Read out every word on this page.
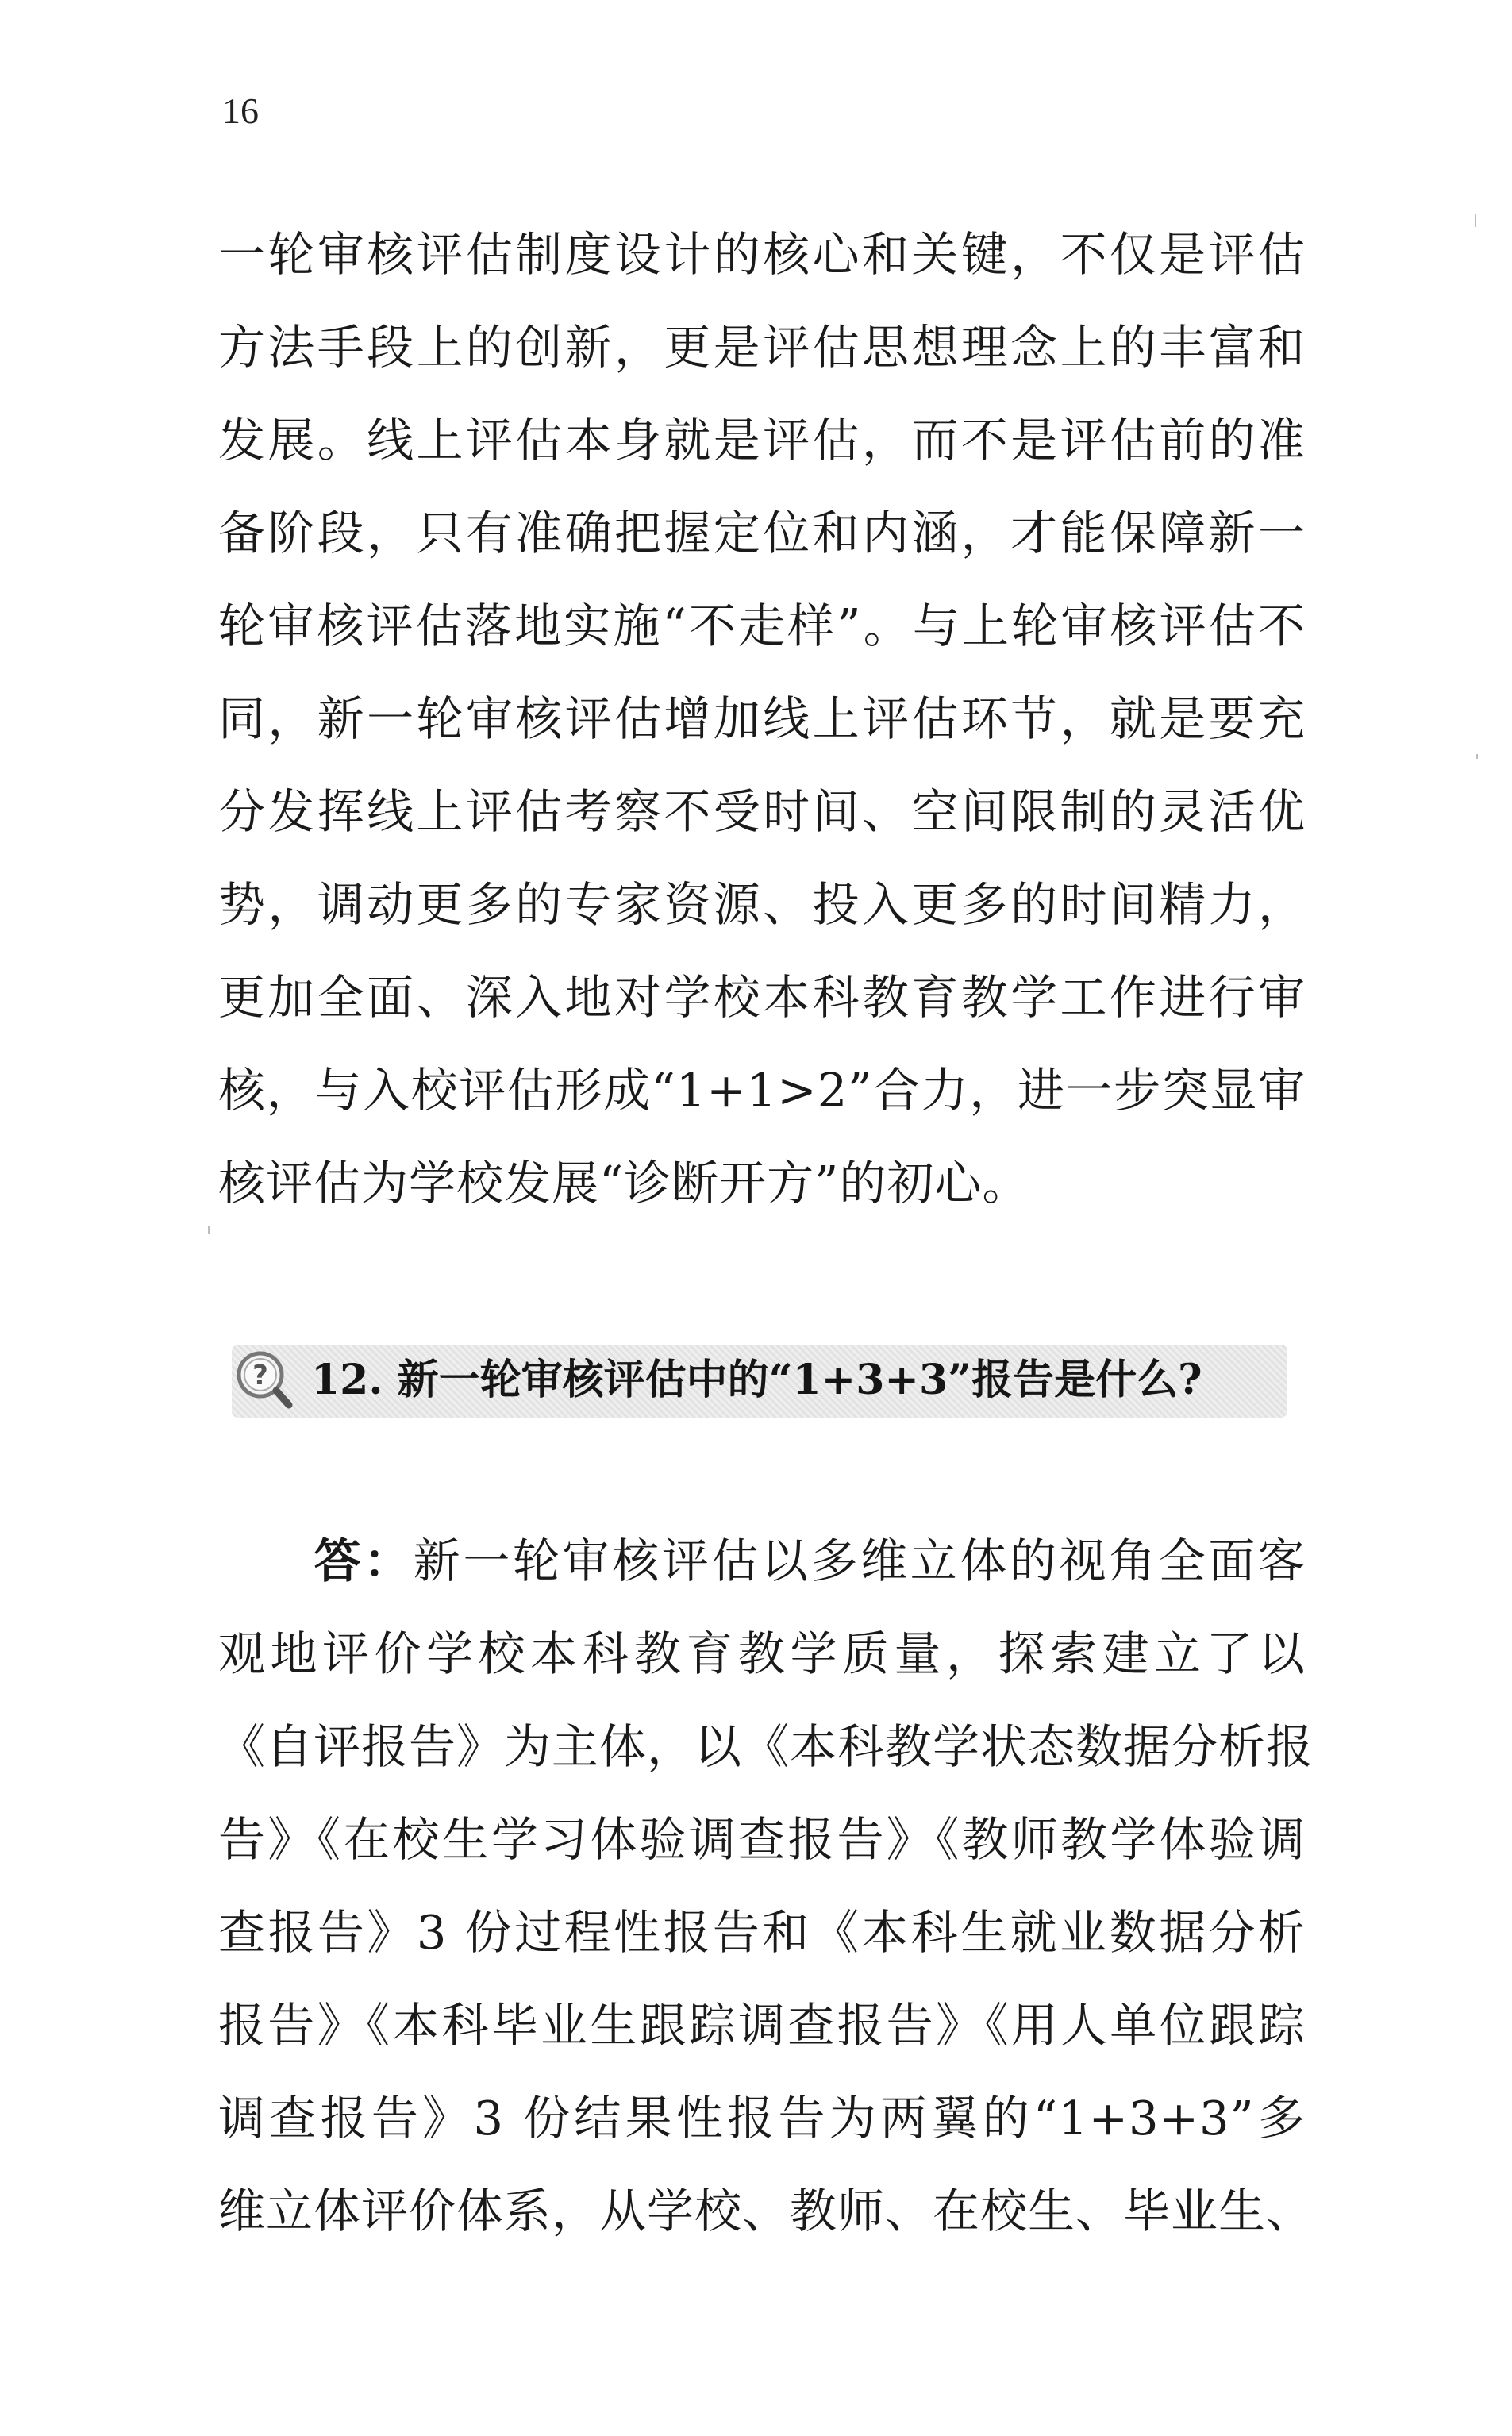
16
一轮审核评估制度设计的核心和关键，不仅是评估
方法手段上的创新，更是评估思想理念上的丰富和
发展。线上评估本身就是评估，而不是评估前的准
备阶段，只有准确把握定位和内涵，才能保障新一
轮审核评估落地实施“不走样”。与上轮审核评估不
同，新一轮审核评估增加线上评估环节，就是要充
分发挥线上评估考察不受时间、空间限制的灵活优
势，调动更多的专家资源、投入更多的时间精力，
更加全面、深入地对学校本科教育教学工作进行审
核，与入校评估形成“1+1>2”合力，进一步突显审
核评估为学校发展“诊断开方”的初心。
? 12. 新一轮审核评估中的“1+3+3”报告是什么?
答：新一轮审核评估以多维立体的视角全面客
观地评价学校本科教育教学质量，探索建立了以
《自评报告》为主体，以《本科教学状态数据分析报
告》《在校生学习体验调查报告》《教师教学体验调
查报告》3 份过程性报告和《本科生就业数据分析
报告》《本科毕业生跟踪调查报告》《用人单位跟踪
调查报告》3 份结果性报告为两翼的“1+3+3”多
维立体评价体系，从学校、教师、在校生、毕业生、
